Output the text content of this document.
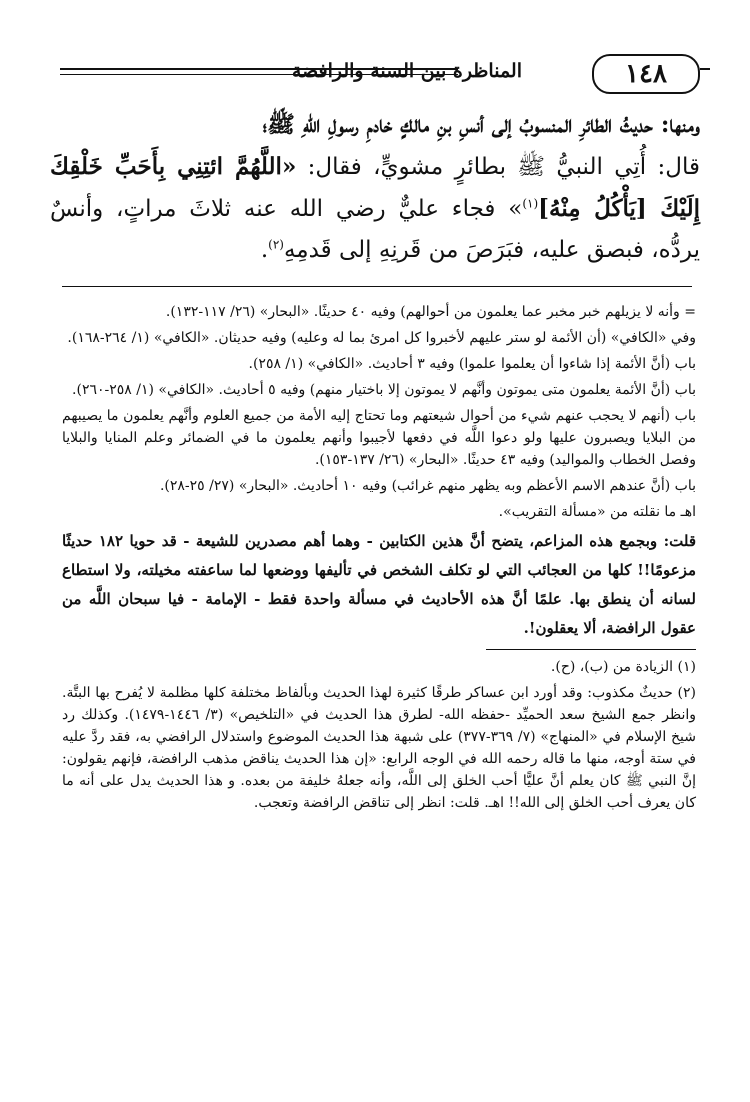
١٤٨
المناظرة بين السنة والرافضة

ومنها: حديثُ الطائرِ المنسوبُ إلى أنسِ بنِ مالكٍ خادمِ رسولِ اللهِ ﷺ؛

قال: أُتِي النبيُّ ﷺ بطائرٍ مشويٍّ، فقال: «اللَّهُمَّ ائتِنِي بِأَحَبِّ خَلْقِكَ إِلَيْكَ [يَأْكُلُ مِنْهُ]$^{(١)}$» فجاء عليٌّ رضي الله عنه ثلاثَ مراتٍ، وأنسٌ يردُّه، فبصق عليه، فبَرَصَ من قَرنِهِ إلى قَدمِهِ$^{(٢)}$.

= وأنه لا يزيلهم خبر مخبر عما يعلمون من أحوالهم) وفيه ٤٠ حديثًا. «البحار» (٢٦/ ١١٧-١٣٢).

وفي «الكافي» (أن الأئمة لو ستر عليهم لأخبروا كل امرئ بما له وعليه) وفيه حديثان. «الكافي» (١/ ٢٦٤-١٦٨).

باب (أنَّ الأئمة إذا شاءوا أن يعلموا علموا) وفيه ٣ أحاديث. «الكافي» (١/ ٢٥٨).

باب (أنَّ الأئمة يعلمون متى يموتون وأنَّهم لا يموتون إلا باختيار منهم) وفيه ٥ أحاديث. «الكافي» (١/ ٢٥٨-٢٦٠).

باب (أنهم لا يحجب عنهم شيء من أحوال شيعتهم وما تحتاج إليه الأمة من جميع العلوم وأنَّهم يعلمون ما يصيبهم من البلايا ويصبرون عليها ولو دعوا اللَّه في دفعها لأجيبوا وأنهم يعلمون ما في الضمائر وعلم المنايا والبلايا وفصل الخطاب والمواليد) وفيه ٤٣ حديثًا. «البحار» (٢٦/ ١٣٧-١٥٣).

باب (أنَّ عندهم الاسم الأعظم وبه يظهر منهم غرائب) وفيه ١٠ أحاديث. «البحار» (٢٧/ ٢٥-٢٨).

اهـ ما نقلته من «مسألة التقريب».

قلت: وبجمع هذه المزاعم، يتضح أنَّ هذين الكتابين - وهما أهم مصدرين للشيعة - قد حويا ١٨٢ حديثًا مزعومًا!! كلها من العجائب التي لو تكلف الشخص في تأليفها ووضعها لما ساعفته مخيلته، ولا استطاع لسانه أن ينطق بها. علمًا أنَّ هذه الأحاديث في مسألة واحدة فقط - الإمامة - فيا سبحان اللَّه من عقول الرافضة، ألا يعقلون!.

(١) الزيادة من (ب)، (ح).

(٢) حديثٌ مكذوب: وقد أورد ابن عساكر طرقًا كثيرة لهذا الحديث وبألفاظ مختلفة كلها مظلمة لا يُفرح بها البتَّة. وانظر جمع الشيخ سعد الحميِّد -حفظه الله- لطرق هذا الحديث في «التلخيص» (٣/ ١٤٤٦-١٤٧٩). وكذلك رد شيخ الإسلام في «المنهاج» (٧/ ٣٦٩-٣٧٧) على شبهة هذا الحديث الموضوع واستدلال الرافضي به، فقد ردَّ عليه في ستة أوجه، منها ما قاله رحمه الله في الوجه الرابع: «إن هذا الحديث يناقض مذهب الرافضة، فإنهم يقولون: إنَّ النبي ﷺ كان يعلم أنَّ عليًّا أحب الخلق إلى اللَّه، وأنه جعلهُ خليفة من بعده. و هذا الحديث يدل على أنه ما كان يعرف أحب الخلق إلى الله!! اهـ. قلت: انظر إلى تناقض الرافضة وتعجب.
